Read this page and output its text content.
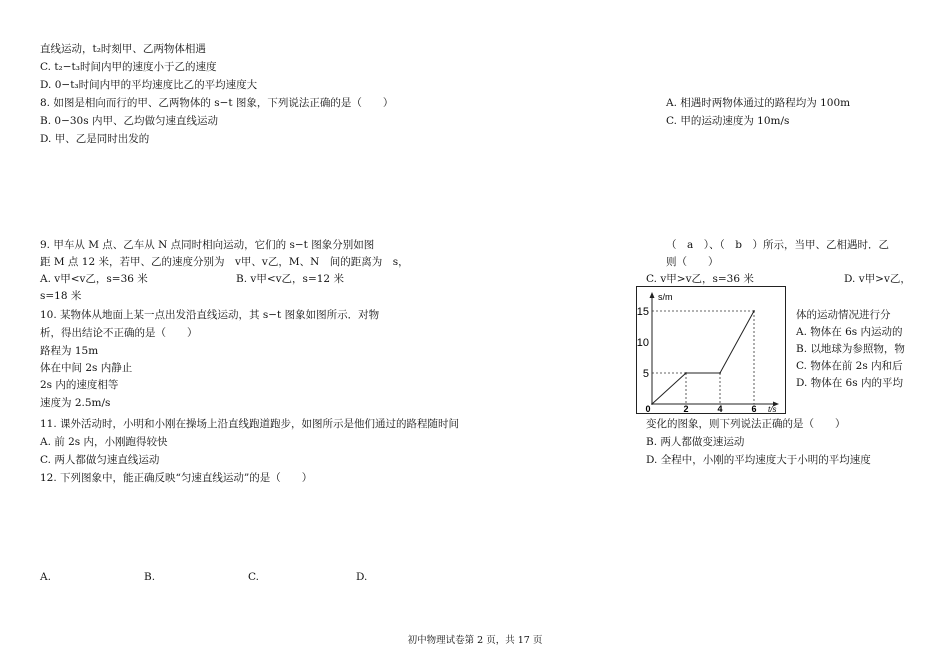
直线运动，t₂时刻甲、乙两物体相遇
C. t₂−t₃时间内甲的速度小于乙的速度
D. 0−t₃时间内甲的平均速度比乙的平均速度大
8. 如图是相向而行的甲、乙两物体的 s−t 图象，下列说法正确的是（　　）	A. 相遇时两物体通过的路程均为 100m
B. 0−30s 内甲、乙均做匀速直线运动	C. 甲的运动速度为 10m/s
D. 甲、乙是同时出发的
9. 甲车从 M 点、乙车从 N 点同时相向运动，它们的 s−t 图象分别如图	（　a　）、（　b　）所示，当甲、乙相遇时．乙
距 M 点 12 米，若甲、乙的速度分别为　v甲、v乙，M、N　间的距离为　s，	则（　　）
A. v甲<v乙，s=36 米	B. v甲<v乙，s=12 米	C. v甲>v乙，s=36 米	D. v甲>v乙，
s=18 米
10. 某物体从地面上某一点出发沿直线运动，其 s−t 图象如图所示．对物	体的运动情况进行分
析，得出结论不正确的是（　　）	A. 物体在 6s 内运动的
路程为 15m	B. 以地球为参照物，物
体在中间 2s 内静止	C. 物体在前 2s 内和后
2s 内的速度相等	D. 物体在 6s 内的平均
速度为 2.5m/s
11. 课外活动时，小明和小刚在操场上沿直线跑道跑步，如图所示是他们通过的路程随时间	变化的图象，则下列说法正确的是（　　）
A. 前 2s 内，小刚跑得较快	B. 两人都做变速运动
C. 两人都做匀速直线运动	D. 全程中，小刚的平均速度大于小明的平均速度
12. 下列图象中，能正确反映“匀速直线运动”的是（　　）
A.	B.	C.	D.
s/m
t/s
5
10
15
0	2	4	6
初中物理试卷第 2 页，共 17 页
